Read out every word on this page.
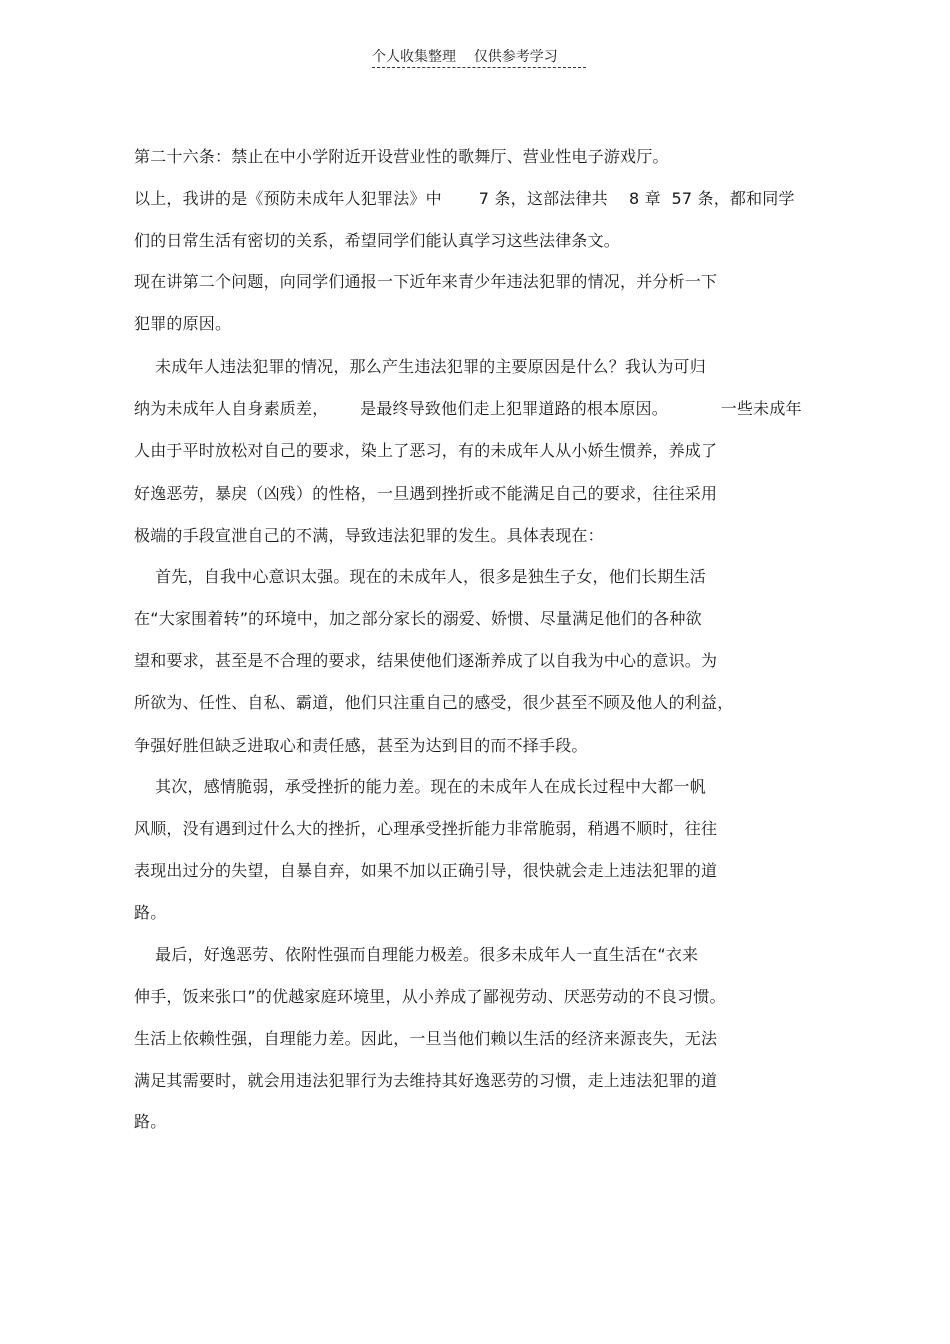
个人收集整理    仅供参考学习
第二十六条：禁止在中小学附近开设营业性的歌舞厅、营业性电子游戏厅。
以上，我讲的是《预防未成年人犯罪法》中       7 条，这部法律共    8 章  57 条，都和同学
们的日常生活有密切的关系，希望同学们能认真学习这些法律条文。
现在讲第二个问题，向同学们通报一下近年来青少年违法犯罪的情况，并分析一下
犯罪的原因。
未成年人违法犯罪的情况，那么产生违法犯罪的主要原因是什么？我认为可归
纳为未成年人自身素质差，      是最终导致他们走上犯罪道路的根本原因。          一些未成年
人由于平时放松对自己的要求，染上了恶习，有的未成年人从小娇生惯养，养成了
好逸恶劳，暴戾（凶残）的性格，一旦遇到挫折或不能满足自己的要求，往往采用
极端的手段宣泄自己的不满，导致违法犯罪的发生。具体表现在：
首先，自我中心意识太强。现在的未成年人，很多是独生子女，他们长期生活
在“大家围着转”的环境中，加之部分家长的溺爱、娇惯、尽量满足他们的各种欲
望和要求，甚至是不合理的要求，结果使他们逐渐养成了以自我为中心的意识。为
所欲为、任性、自私、霸道，他们只注重自己的感受，很少甚至不顾及他人的利益，
争强好胜但缺乏进取心和责任感，甚至为达到目的而不择手段。
其次，感情脆弱，承受挫折的能力差。现在的未成年人在成长过程中大都一帆
风顺，没有遇到过什么大的挫折，心理承受挫折能力非常脆弱，稍遇不顺时，往往
表现出过分的失望，自暴自弃，如果不加以正确引导，很快就会走上违法犯罪的道
路。
最后，好逸恶劳、依附性强而自理能力极差。很多未成年人一直生活在“衣来
伸手，饭来张口”的优越家庭环境里，从小养成了鄙视劳动、厌恶劳动的不良习惯。
生活上依赖性强，自理能力差。因此，一旦当他们赖以生活的经济来源丧失，无法
满足其需要时，就会用违法犯罪行为去维持其好逸恶劳的习惯，走上违法犯罪的道
路。
